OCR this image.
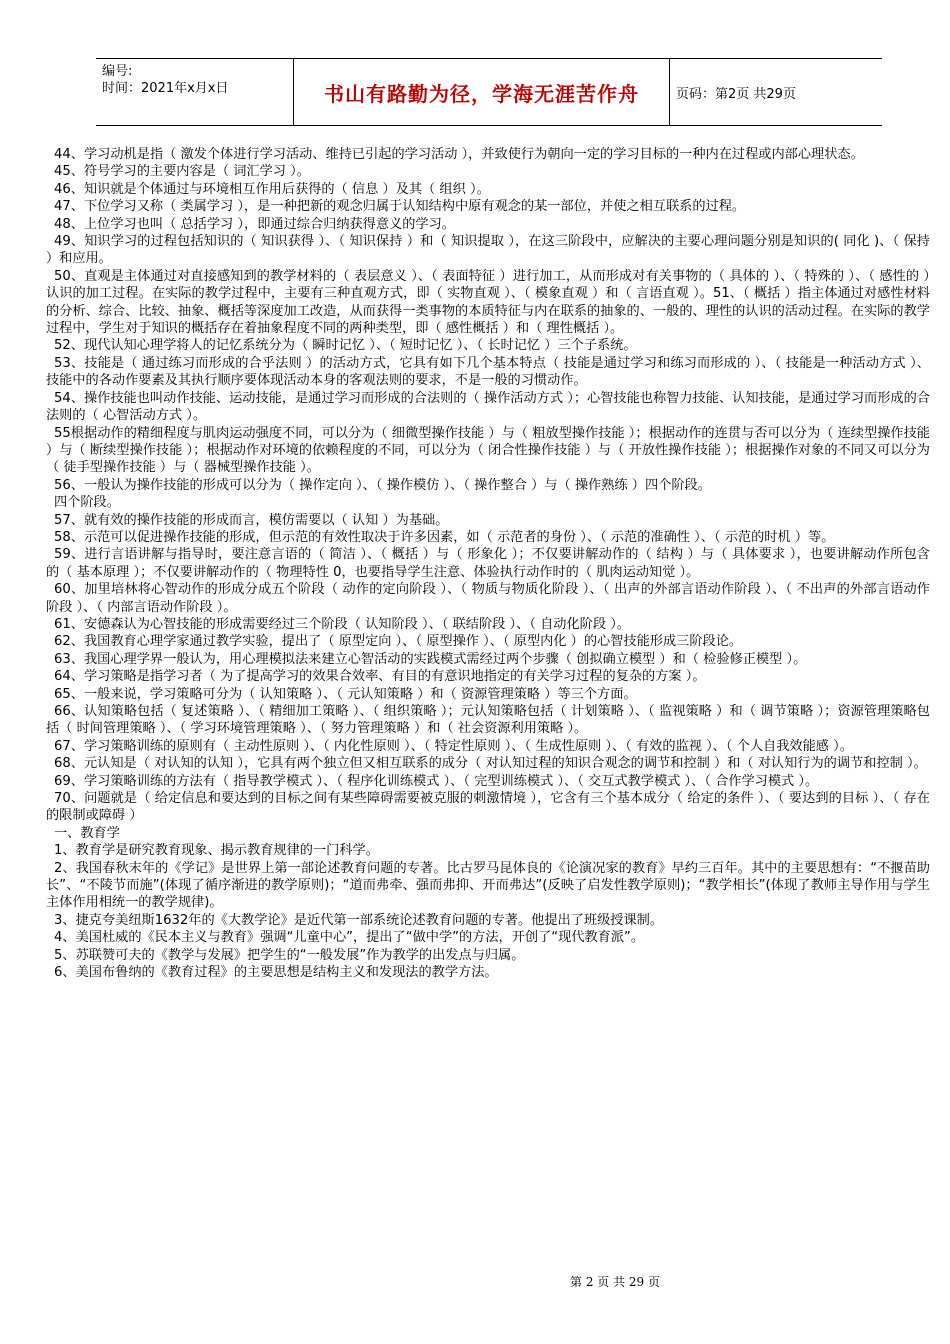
编号:
时间：2021年x月x日	书山有路勤为径，学海无涯苦作舟	页码：第2页 共29页

44、学习动机是指（ 激发个体进行学习活动、维持已引起的学习活动 ），并致使行为朝向一定的学习目标的一种内在过程或内部心理状态。

45、符号学习的主要内容是（ 词汇学习 ）。

46、知识就是个体通过与环境相互作用后获得的（ 信息 ）及其（ 组织 ）。

47、下位学习又称（ 类属学习 ），是一种把新的观念归属于认知结构中原有观念的某一部位，并使之相互联系的过程。

48、上位学习也叫（ 总括学习 ），即通过综合归纳获得意义的学习。

49、知识学习的过程包括知识的（ 知识获得 ）、（ 知识保持 ）和（ 知识提取 ），在这三阶段中，应解决的主要心理问题分别是知识的( 同化 )、（ 保持 ）和应用。

50、直观是主体通过对直接感知到的教学材料的（ 表层意义 ）、（ 表面特征 ）进行加工，从而形成对有关事物的（ 具体的 ）、（ 特殊的 ）、（ 感性的 ）认识的加工过程。在实际的教学过程中，主要有三种直观方式，即（ 实物直观 ）、（ 模象直观 ）和（ 言语直观 ）。51、（ 概括 ）指主体通过对感性材料的分析、综合、比较、抽象、概括等深度加工改造，从而获得一类事物的本质特征与内在联系的抽象的、一般的、理性的认识的活动过程。在实际的教学过程中，学生对于知识的概括存在着抽象程度不同的两种类型，即（ 感性概括 ）和（ 理性概括 ）。

52、现代认知心理学将人的记忆系统分为（ 瞬时记忆 ）、（ 短时记忆 ）、（ 长时记忆 ）三个子系统。

53、技能是（ 通过练习而形成的合乎法则 ）的活动方式，它具有如下几个基本特点（ 技能是通过学习和练习而形成的 ）、（ 技能是一种活动方式 ）、技能中的各动作要素及其执行顺序要体现活动本身的客观法则的要求，不是一般的习惯动作。

54、操作技能也叫动作技能、运动技能，是通过学习而形成的合法则的（ 操作活动方式 ）；心智技能也称智力技能、认知技能，是通过学习而形成的合法则的（ 心智活动方式 ）。

55根据动作的精细程度与肌肉运动强度不同，可以分为（ 细微型操作技能 ）与（ 粗放型操作技能 ）；根据动作的连贯与否可以分为（ 连续型操作技能 ）与（ 断续型操作技能 ）；根据动作对环境的依赖程度的不同，可以分为（ 闭合性操作技能 ）与（ 开放性操作技能 ）；根据操作对象的不同又可以分为（ 徒手型操作技能 ）与（ 器械型操作技能 ）。

56、一般认为操作技能的形成可以分为（ 操作定向 ）、（ 操作模仿 ）、（ 操作整合 ）与（ 操作熟练 ）四个阶段。

四个阶段。

57、就有效的操作技能的形成而言，模仿需要以（ 认知 ）为基础。

58、示范可以促进操作技能的形成，但示范的有效性取决于许多因素，如（ 示范者的身份 ）、（ 示范的准确性 ）、（ 示范的时机 ）等。

59、进行言语讲解与指导时，要注意言语的（ 简洁 ）、（ 概括 ）与（ 形象化 ）；不仅要讲解动作的（ 结构 ）与（ 具体要求 ），也要讲解动作所包含的（ 基本原理 ）；不仅要讲解动作的（ 物理特性 0，也要指导学生注意、体验执行动作时的（ 肌肉运动知觉 ）。

60、加里培林将心智动作的形成分成五个阶段（ 动作的定向阶段 ）、（ 物质与物质化阶段 ）、（ 出声的外部言语动作阶段 ）、（ 不出声的外部言语动作阶段 ）、（ 内部言语动作阶段 ）。

61、安德森认为心智技能的形成需要经过三个阶段（ 认知阶段 ）、（ 联结阶段 ）、（ 自动化阶段 ）。

62、我国教育心理学家通过教学实验，提出了（ 原型定向 ）、（ 原型操作 ）、（ 原型内化 ）的心智技能形成三阶段论。

63、我国心理学界一般认为，用心理模拟法来建立心智活动的实践模式需经过两个步骤（ 创拟确立模型 ）和（ 检验修正模型 ）。

64、学习策略是指学习者（ 为了提高学习的效果合效率、有目的有意识地指定的有关学习过程的复杂的方案 ）。

65、一般来说，学习策略可分为（ 认知策略 ）、（ 元认知策略 ）和（ 资源管理策略 ）等三个方面。

66、认知策略包括（ 复述策略 ）、（ 精细加工策略 ）、（ 组织策略 ）；元认知策略包括（ 计划策略 ）、（ 监视策略 ）和（ 调节策略 ）；资源管理策略包括（ 时间管理策略 ）、（ 学习环境管理策略 ）、（ 努力管理策略 ）和（ 社会资源利用策略 ）。

67、学习策略训练的原则有（ 主动性原则 ）、（ 内化性原则 ）、（ 特定性原则 ）、（ 生成性原则 ）、（ 有效的监视 ）、（ 个人自我效能感 ）。

68、元认知是（ 对认知的认知 ），它具有两个独立但又相互联系的成分（ 对认知过程的知识合观念的调节和控制 ）和（ 对认知行为的调节和控制 ）。

69、学习策略训练的方法有（ 指导教学模式 ）、（ 程序化训练模式 ）、（ 完型训练模式 ）、（ 交互式教学模式 ）、（ 合作学习模式 ）。

70、问题就是（ 给定信息和要达到的目标之间有某些障碍需要被克服的刺激情境 ），它含有三个基本成分（ 给定的条件 ）、（ 要达到的目标 ）、（ 存在的限制或障碍 ）

一、教育学

1、教育学是研究教育现象、揭示教育规律的一门科学。

2、我国春秋末年的《学记》是世界上第一部论述教育问题的专著。比古罗马昆体良的《论演况家的教育》早约三百年。其中的主要思想有：“不揠苗助长”、“不陵节而施”(体现了循序渐进的教学原则)；“道而弗牵、强而弗抑、开而弗达”(反映了启发性教学原则)；“教学相长”(体现了教师主导作用与学生主体作用相统一的教学规律)。

3、捷克夸美纽斯1632年的《大教学论》是近代第一部系统论述教育问题的专著。他提出了班级授课制。

4、美国杜威的《民本主义与教育》强调“儿童中心”，提出了“做中学”的方法，开创了“现代教育派”。

5、苏联赞可夫的《教学与发展》把学生的“一般发展”作为教学的出发点与归属。

6、美国布鲁纳的《教育过程》的主要思想是结构主义和发现法的教学方法。

第 2 页 共 29 页
